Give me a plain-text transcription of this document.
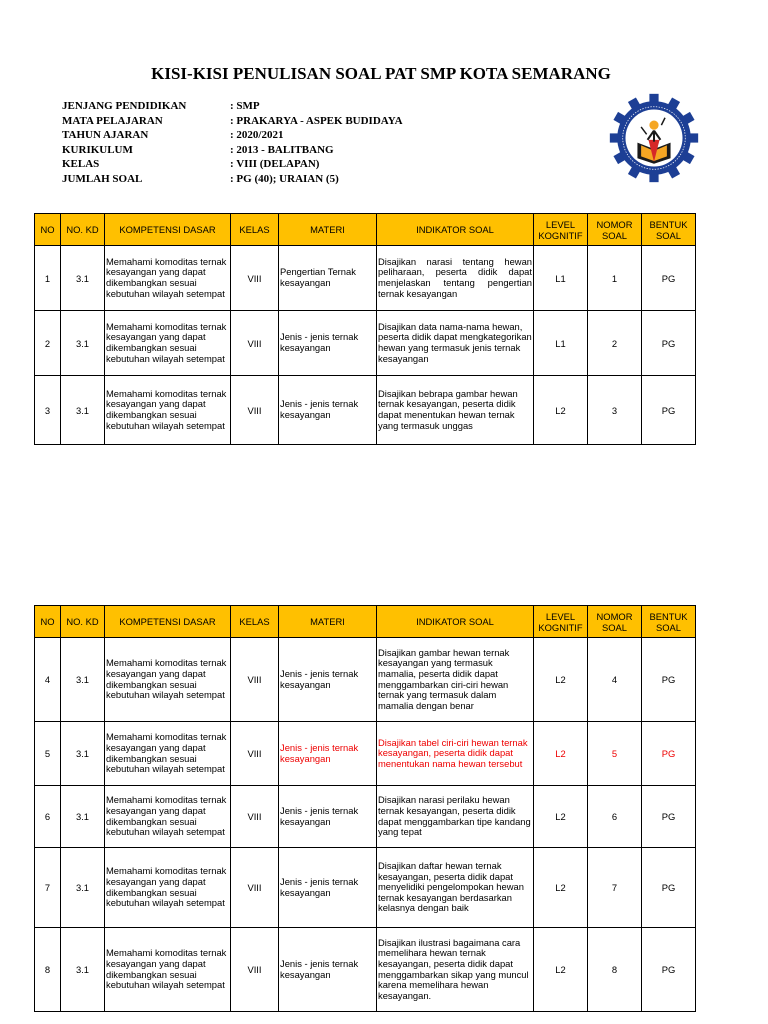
KISI-KISI PENULISAN SOAL PAT SMP KOTA SEMARANG
JENJANG PENDIDIKAN	: SMP
MATA PELAJARAN	: PRAKARYA - ASPEK BUDIDAYA
TAHUN AJARAN	: 2020/2021
KURIKULUM	: 2013 - BALITBANG
KELAS	: VIII (DELAPAN)
JUMLAH SOAL	: PG (40); URAIAN (5)
NO	NO. KD	KOMPETENSI DASAR	KELAS	MATERI	INDIKATOR SOAL	LEVEL KOGNITIF	NOMOR SOAL	BENTUK SOAL
1	3.1	Memahami komoditas ternak kesayangan yang dapat dikembangkan sesuai kebutuhan wilayah setempat	VIII	Pengertian Ternak kesayangan	Disajikan narasi tentang hewan peliharaan, peserta didik dapat menjelaskan tentang pengertian ternak kesayangan	L1	1	PG
2	3.1	Memahami komoditas ternak kesayangan yang dapat dikembangkan sesuai kebutuhan wilayah setempat	VIII	Jenis - jenis ternak kesayangan	Disajikan data nama-nama hewan, peserta didik dapat mengkategorikan hewan yang termasuk jenis ternak kesayangan	L1	2	PG
3	3.1	Memahami komoditas ternak kesayangan yang dapat dikembangkan sesuai kebutuhan wilayah setempat	VIII	Jenis - jenis ternak kesayangan	Disajikan bebrapa gambar hewan ternak kesayangan, peserta didik dapat menentukan hewan ternak yang termasuk unggas	L2	3	PG
NO	NO. KD	KOMPETENSI DASAR	KELAS	MATERI	INDIKATOR SOAL	LEVEL KOGNITIF	NOMOR SOAL	BENTUK SOAL
4	3.1	Memahami komoditas ternak kesayangan yang dapat dikembangkan sesuai kebutuhan wilayah setempat	VIII	Jenis - jenis ternak kesayangan	Disajikan gambar hewan ternak kesayangan yang termasuk mamalia, peserta didik dapat menggambarkan ciri-ciri hewan ternak yang termasuk dalam mamalia dengan benar	L2	4	PG
5	3.1	Memahami komoditas ternak kesayangan yang dapat dikembangkan sesuai kebutuhan wilayah setempat	VIII	Jenis - jenis ternak kesayangan	Disajikan tabel ciri-ciri hewan ternak kesayangan, peserta didik dapat menentukan nama hewan tersebut	L2	5	PG
6	3.1	Memahami komoditas ternak kesayangan yang dapat dikembangkan sesuai kebutuhan wilayah setempat	VIII	Jenis - jenis ternak kesayangan	Disajikan narasi perilaku hewan ternak kesayangan, peserta didik dapat menggambarkan tipe kandang yang tepat	L2	6	PG
7	3.1	Memahami komoditas ternak kesayangan yang dapat dikembangkan sesuai kebutuhan wilayah setempat	VIII	Jenis - jenis ternak kesayangan	Disajikan daftar hewan ternak kesayangan, peserta didik dapat menyelidiki pengelompokan hewan ternak kesayangan berdasarkan kelasnya dengan baik	L2	7	PG
8	3.1	Memahami komoditas ternak kesayangan yang dapat dikembangkan sesuai kebutuhan wilayah setempat	VIII	Jenis - jenis ternak kesayangan	Disajikan ilustrasi bagaimana cara memelihara hewan ternak kesayangan, peserta didik dapat menggambarkan sikap yang muncul karena memelihara hewan kesayangan.	L2	8	PG
